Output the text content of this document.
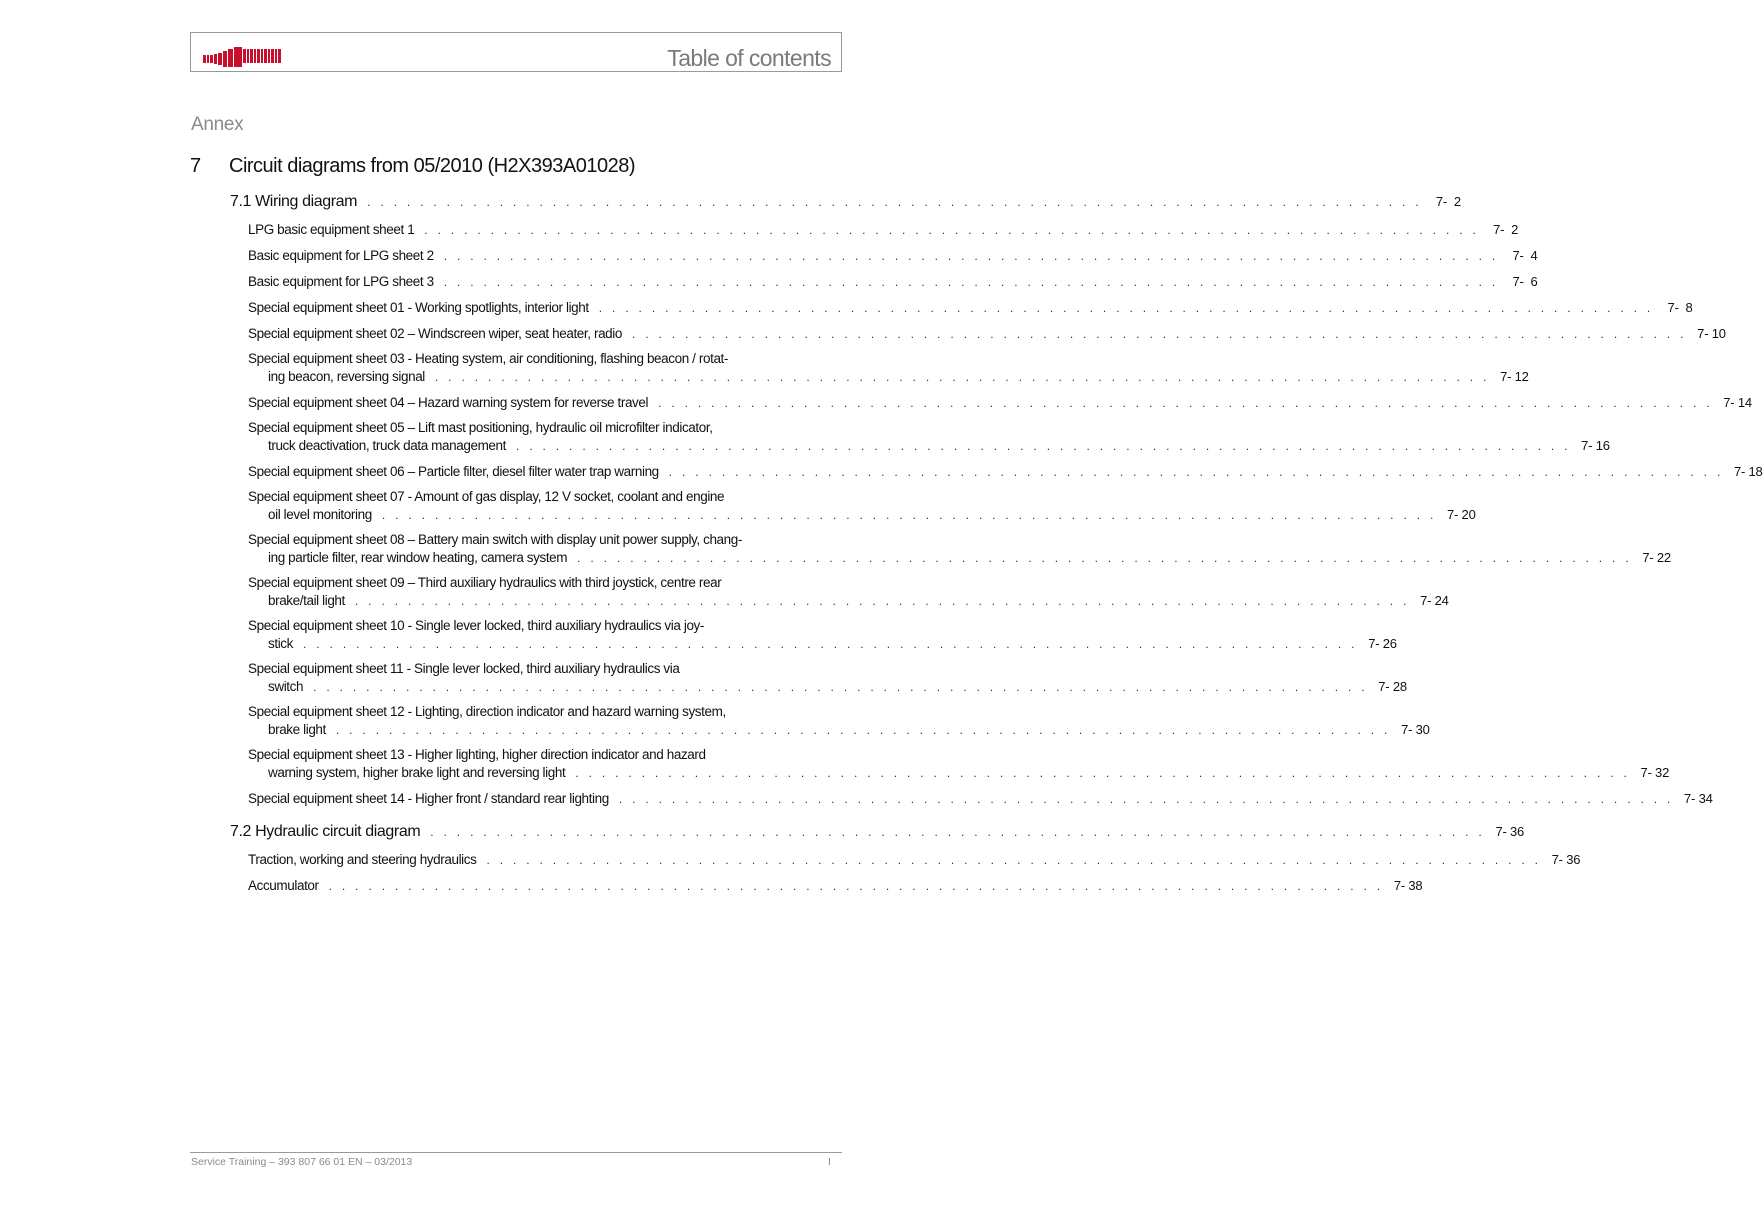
Table of contents
Annex
7 Circuit diagrams from 05/2010 (H2X393A01028)
7.1 Wiring diagram . . . . . . . . . . . . . . . . . . . . . . . . . . . . . . . . . . . . . . . . . . . . . . . . . . . . . . . . . . . . . . . . . . . . . . . . . . . . . . . .	7-  2
LPG basic equipment sheet 1 . . . . . . . . . . . . . . . . . . . . . . . . . . . . . . . . . . . . . . . . . . . . . . . . . . . . . . . . . . . . . . . . . . . . . . . . . . . . . . . .	7-  2
Basic equipment for LPG sheet 2 . . . . . . . . . . . . . . . . . . . . . . . . . . . . . . . . . . . . . . . . . . . . . . . . . . . . . . . . . . . . . . . . . . . . . . . . . . . . . . . .	7-  4
Basic equipment for LPG sheet 3 . . . . . . . . . . . . . . . . . . . . . . . . . . . . . . . . . . . . . . . . . . . . . . . . . . . . . . . . . . . . . . . . . . . . . . . . . . . . . . . .	7-  6
Special equipment sheet 01 - Working spotlights, interior light . . . . . . . . . . . . . . . . . . . . . . . . . . . . . . . . . . . . . . . . . . . . . . . . . . . . . . . . . . . . . . . . . . . . . . . . . . . . . . . .	7-  8
Special equipment sheet 02 – Windscreen wiper, seat heater, radio . . . . . . . . . . . . . . . . . . . . . . . . . . . . . . . . . . . . . . . . . . . . . . . . . . . . . . . . . . . . . . . . . . . . . . . . . . . . . . . . 7- 10
Special equipment sheet 03 - Heating system, air conditioning, flashing beacon / rotat-
ing beacon, reversing signal . . . . . . . . . . . . . . . . . . . . . . . . . . . . . . . . . . . . . . . . . . . . . . . . . . . . . . . . . . . . . . . . . . . . . . . . . . . . . . . . 7- 12
Special equipment sheet 04 – Hazard warning system for reverse travel . . . . . . . . . . . . . . . . . . . . . . . . . . . . . . . . . . . . . . . . . . . . . . . . . . . . . . . . . . . . . . . . . . . . . . . . . . . . . . . . 7- 14
Special equipment sheet 05 – Lift mast positioning, hydraulic oil microfilter indicator,
truck deactivation, truck data management . . . . . . . . . . . . . . . . . . . . . . . . . . . . . . . . . . . . . . . . . . . . . . . . . . . . . . . . . . . . . . . . . . . . . . . . . . . . . . . . 7- 16
Special equipment sheet 06 – Particle filter, diesel filter water trap warning . . . . . . . . . . . . . . . . . . . . . . . . . . . . . . . . . . . . . . . . . . . . . . . . . . . . . . . . . . . . . . . . . . . . . . . . . . . . . . . . 7- 18
Special equipment sheet 07 - Amount of gas display, 12 V socket, coolant and engine
oil level monitoring . . . . . . . . . . . . . . . . . . . . . . . . . . . . . . . . . . . . . . . . . . . . . . . . . . . . . . . . . . . . . . . . . . . . . . . . . . . . . . . . 7- 20
Special equipment sheet 08 – Battery main switch with display unit power supply, chang-
ing particle filter, rear window heating, camera system . . . . . . . . . . . . . . . . . . . . . . . . . . . . . . . . . . . . . . . . . . . . . . . . . . . . . . . . . . . . . . . . . . . . . . . . . . . . . . . . 7- 22
Special equipment sheet 09 – Third auxiliary hydraulics with third joystick, centre rear
brake/tail light . . . . . . . . . . . . . . . . . . . . . . . . . . . . . . . . . . . . . . . . . . . . . . . . . . . . . . . . . . . . . . . . . . . . . . . . . . . . . . . . 7- 24
Special equipment sheet 10 - Single lever locked, third auxiliary hydraulics via joy-
stick . . . . . . . . . . . . . . . . . . . . . . . . . . . . . . . . . . . . . . . . . . . . . . . . . . . . . . . . . . . . . . . . . . . . . . . . . . . . . . . . 7- 26
Special equipment sheet 11 - Single lever locked, third auxiliary hydraulics via
switch . . . . . . . . . . . . . . . . . . . . . . . . . . . . . . . . . . . . . . . . . . . . . . . . . . . . . . . . . . . . . . . . . . . . . . . . . . . . . . . . 7- 28
Special equipment sheet 12 - Lighting, direction indicator and hazard warning system,
brake light . . . . . . . . . . . . . . . . . . . . . . . . . . . . . . . . . . . . . . . . . . . . . . . . . . . . . . . . . . . . . . . . . . . . . . . . . . . . . . . . 7- 30
Special equipment sheet 13 - Higher lighting, higher direction indicator and hazard
warning system, higher brake light and reversing light . . . . . . . . . . . . . . . . . . . . . . . . . . . . . . . . . . . . . . . . . . . . . . . . . . . . . . . . . . . . . . . . . . . . . . . . . . . . . . . . 7- 32
Special equipment sheet 14 - Higher front / standard rear lighting . . . . . . . . . . . . . . . . . . . . . . . . . . . . . . . . . . . . . . . . . . . . . . . . . . . . . . . . . . . . . . . . . . . . . . . . . . . . . . . . 7- 34
7.2 Hydraulic circuit diagram . . . . . . . . . . . . . . . . . . . . . . . . . . . . . . . . . . . . . . . . . . . . . . . . . . . . . . . . . . . . . . . . . . . . . . . . . . . . . . . . 7- 36
Traction, working and steering hydraulics . . . . . . . . . . . . . . . . . . . . . . . . . . . . . . . . . . . . . . . . . . . . . . . . . . . . . . . . . . . . . . . . . . . . . . . . . . . . . . . . 7- 36
Accumulator . . . . . . . . . . . . . . . . . . . . . . . . . . . . . . . . . . . . . . . . . . . . . . . . . . . . . . . . . . . . . . . . . . . . . . . . . . . . . . . . 7- 38
Service Training – 393 807 66 01 EN – 03/2013	I
